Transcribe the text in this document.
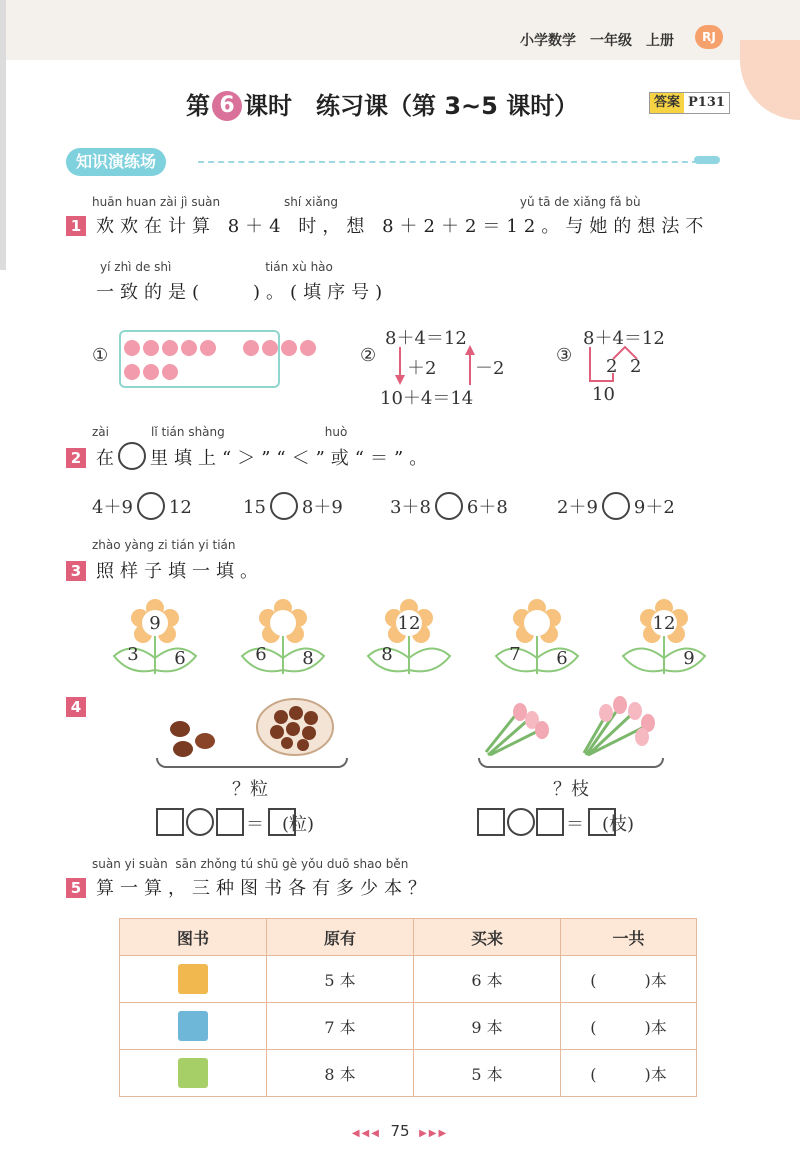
小学数学　一年级　上册	RJ
第 6 课时　练习课（第 3~5 课时）	答案 P131
知识演练场
huān huan zài jì suàn	shí xiǎng	yǔ tā de xiǎng fǎ bù
1 欢欢在计算 8＋4 时，想 8＋2＋2＝12。与她的想法不
yí zhì de shì	tián xù hào
一致的是(　　)。(填序号)
①	②
8＋4＝12
＋2 －2
10＋4＝14
③
8＋4＝12
2 2
10
zài	lǐ tián shàng	huò
2 在 里填上“＞”“＜”或“＝”。
4＋9 12	15 8＋9	3＋8 6＋8	2＋9 9＋2
zhào yàng zi tián yi tián
3 照样子填一填。
9
3 6	6 8
12
8	7 6
12
9
4
？粒
＝　(粒)
？枝
＝　(枝)
suàn yi suàn sān zhǒng tú shū gè yǒu duō shao běn
5 算一算，三种图书各有多少本？
图书	原有	买来	一共
	5 本	6 本	(　　　)本
	7 本	9 本	(　　　)本
	8 本	5 本	(　　　)本
◀◀◀ 75 ▶▶▶
